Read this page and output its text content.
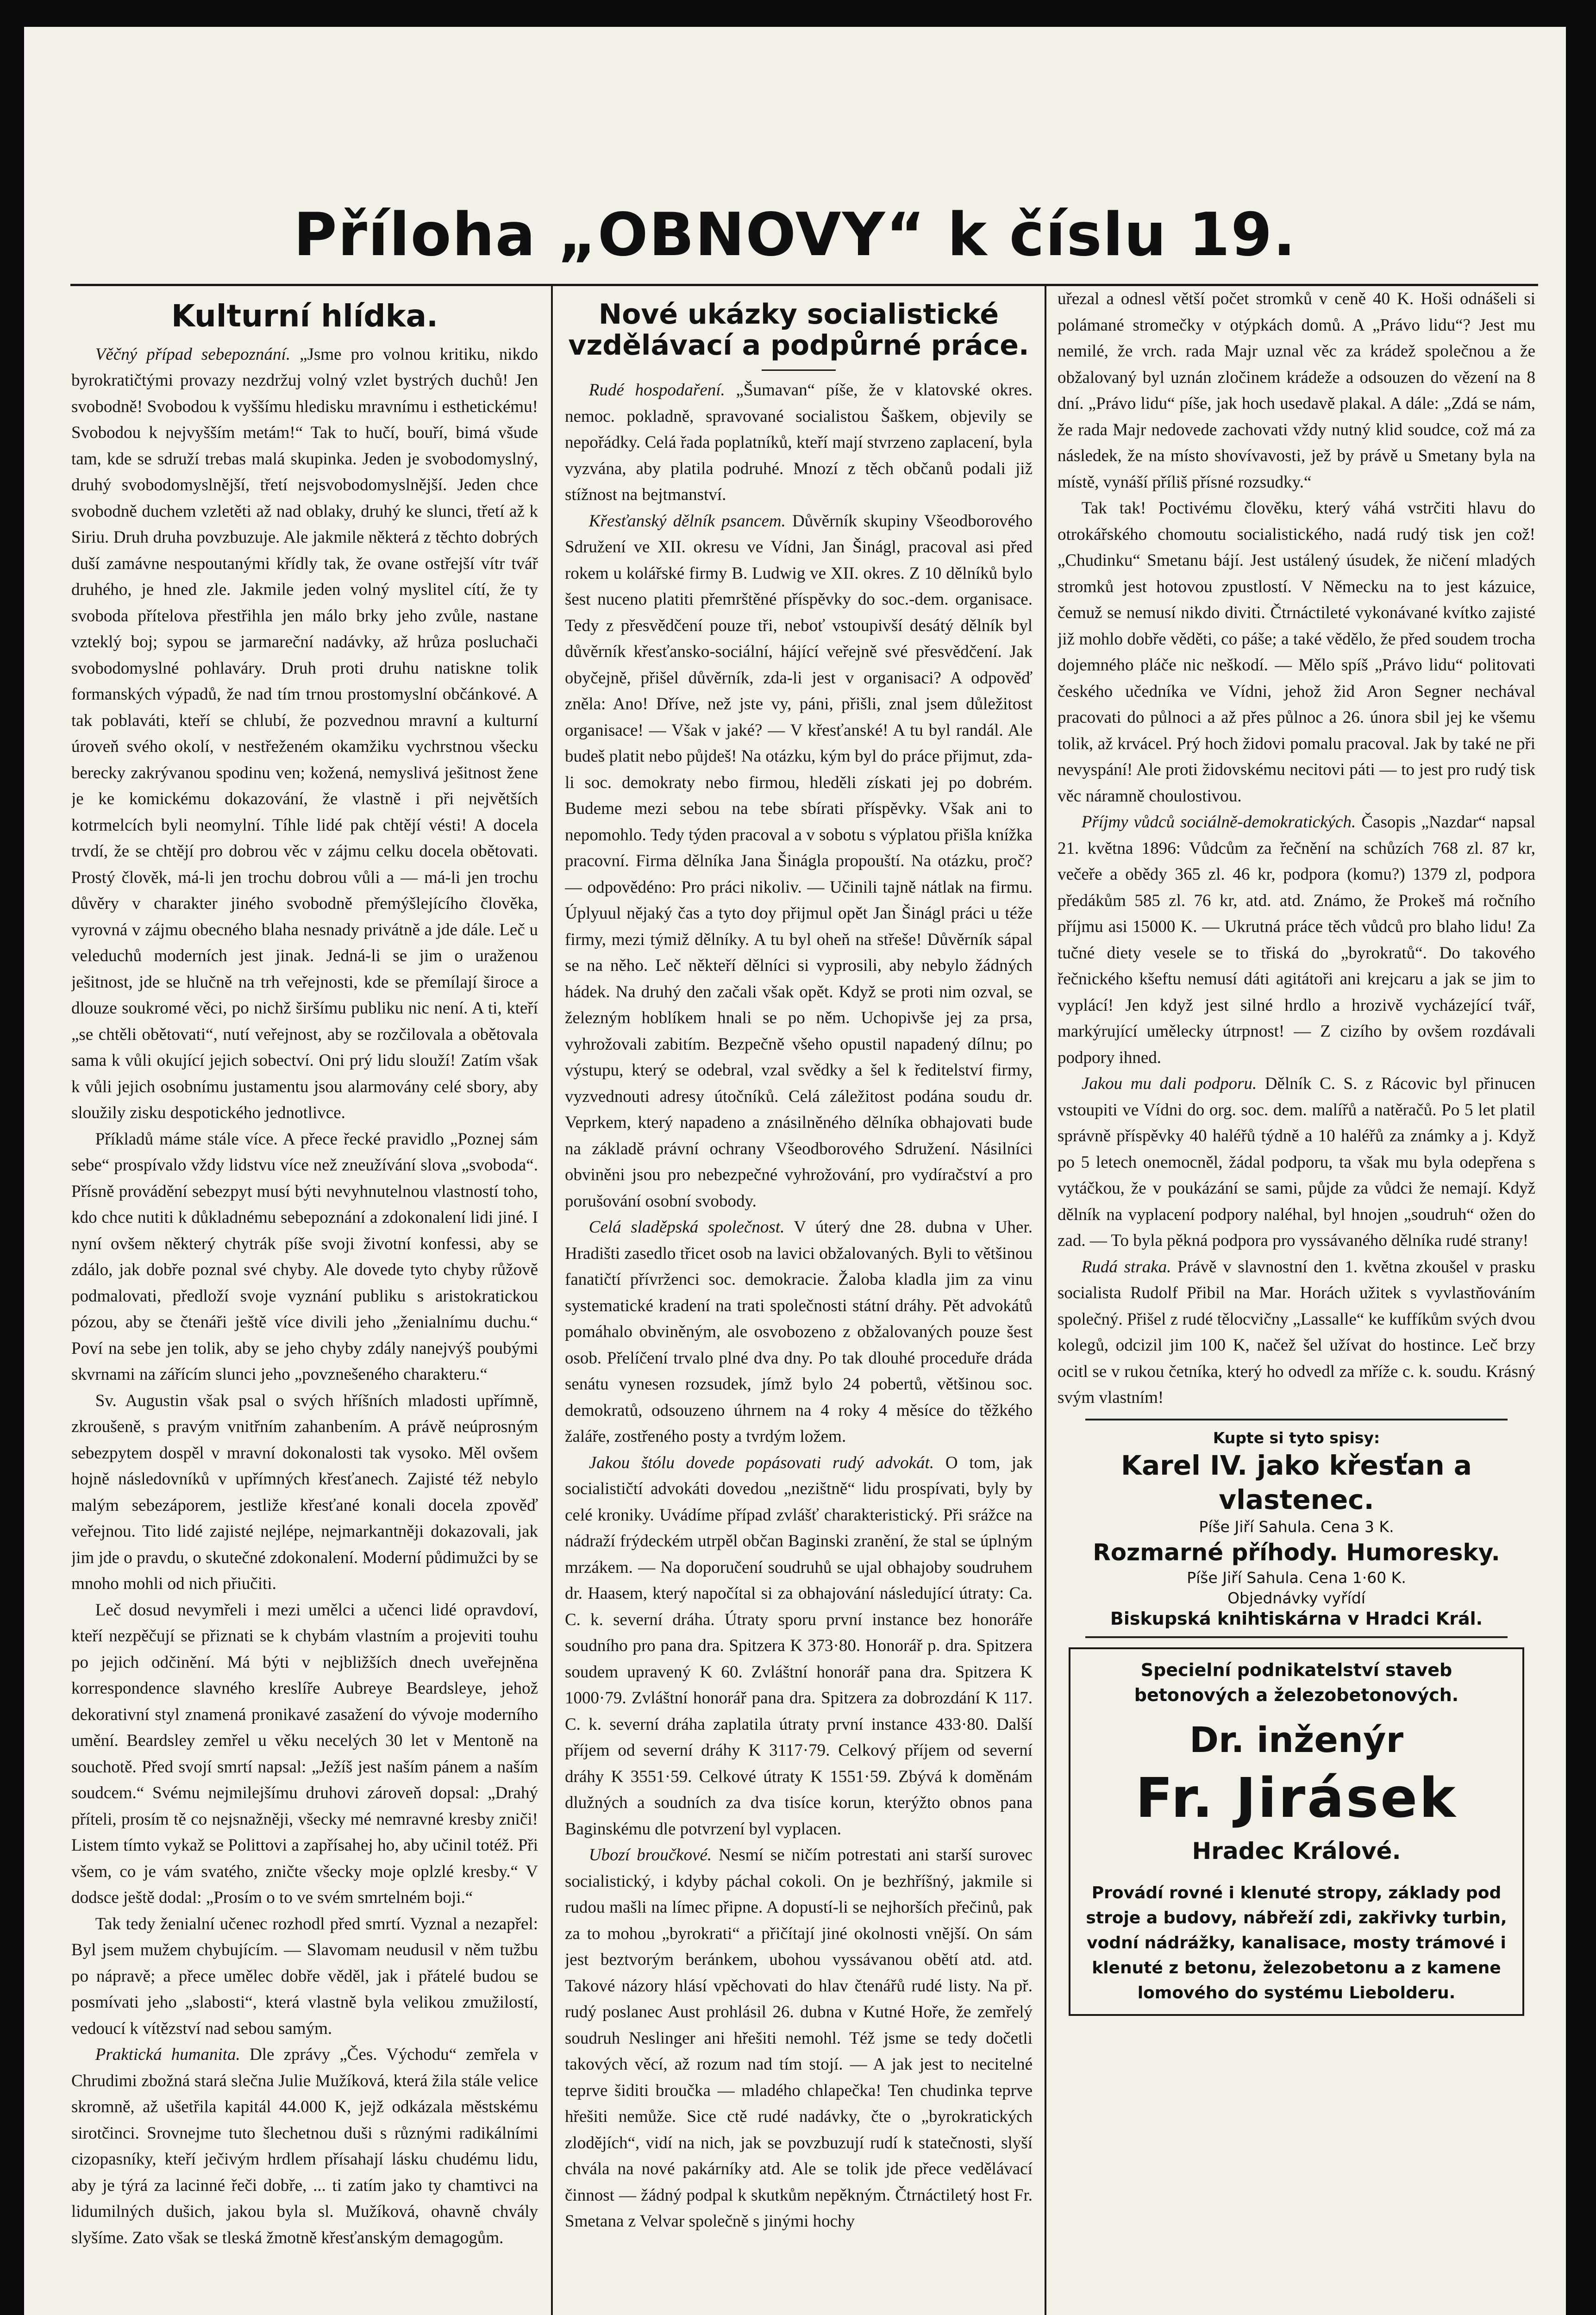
Příloha „OBNOVY“ k číslu 19.
Kulturní hlídka.

Věčný případ sebepoznání. „Jsme pro volnou kritiku, nikdo byrokratičtými provazy nezdržuj volný vzlet bystrých duchů! Jen svobodně! Svobodou k vyššímu hledisku mravnímu i esthetickému! Svobodou k nejvyšším metám!“ Tak to hučí, bouří, bimá všude tam, kde se sdruží trebas malá skupinka. Jeden je svobodomyslný, druhý svobodomyslnější, třetí nejsvobodomyslnější. Jeden chce svobodně duchem vzletěti až nad oblaky, druhý ke slunci, třetí až k Siriu. Druh druha povzbuzuje. Ale jakmile některá z těchto dobrých duší zamávne nespoutanými křídly tak, že ovane ostřejší vítr tvář druhého, je hned zle. Jakmile jeden volný myslitel cítí, že ty svoboda přítelova přestřihla jen málo brky jeho zvůle, nastane vzteklý boj; sypou se jarmareční nadávky, až hrůza posluchači svobodomyslné pohlaváry. Druh proti druhu natiskne tolik formanských výpadů, že nad tím trnou prostomyslní občánkové. A tak poblaváti, kteří se chlubí, že pozvednou mravní a kulturní úroveň svého okolí, v nestřeženém okamžiku vychrstnou všecku berecky zakrývanou spodinu ven; kožená, nemyslivá ješitnost žene je ke komickému dokazování, že vlastně i při největších kotrmelcích byli neomylní. Tíhle lidé pak chtějí vésti! A docela trvdí, že se chtějí pro dobrou věc v zájmu celku docela obětovati. Prostý člověk, má-li jen trochu dobrou vůli a — má-li jen trochu důvěry v charakter jiného svobodně přemýšlejícího člověka, vyrovná v zájmu obecného blaha nesnady privátně a jde dále. Leč u veleduchů moderních jest jinak. Jedná-li se jim o uraženou ješitnost, jde se hlučně na trh veřejnosti, kde se přemílají široce a dlouze soukromé věci, po nichž širšímu publiku nic není. A ti, kteří „se chtěli obětovati“, nutí veřejnost, aby se rozčilovala a obětovala sama k vůli okující jejich sobectví. Oni prý lidu slouží! Zatím však k vůli jejich osobnímu justamentu jsou alarmovány celé sbory, aby sloužily zisku despotického jednotlivce.

Příkladů máme stále více. A přece řecké pravidlo „Poznej sám sebe“ prospívalo vždy lidstvu více než zneužívání slova „svoboda“. Přísně provádění sebezpyt musí býti nevyhnutelnou vlastností toho, kdo chce nutiti k důkladnému sebepoznání a zdokonalení lidi jiné. I nyní ovšem některý chytrák píše svoji životní konfessi, aby se zdálo, jak dobře poznal své chyby. Ale dovede tyto chyby růžově podmalovati, předloží svoje vyznání publiku s aristokratickou pózou, aby se čtenáři ještě více divili jeho „ženialnímu duchu.“ Poví na sebe jen tolik, aby se jeho chyby zdály nanejvýš poubými skvrnami na zářícím slunci jeho „povznešeného charakteru.“

Sv. Augustin však psal o svých hříšních mladosti upřímně, zkroušeně, s pravým vnitřním zahanbením. A právě neúprosným sebezpytem dospěl v mravní dokonalosti tak vysoko. Měl ovšem hojně následovníků v upřímných křesťanech. Zajisté též nebylo malým sebezáporem, jestliže křesťané konali docela zpověď veřejnou. Tito lidé zajisté nejlépe, nejmarkantněji dokazovali, jak jim jde o pravdu, o skutečné zdokonalení. Moderní půdimužci by se mnoho mohli od nich přiučiti.

Leč dosud nevymřeli i mezi umělci a učenci lidé opravdoví, kteří nezpěčují se přiznati se k chybám vlastním a projeviti touhu po jejich odčinění. Má býti v nejbližších dnech uveřejněna korrespondence slavného kreslíře Aubreye Beardsleye, jehož dekorativní styl znamená pronikavé zasažení do vývoje moderního umění. Beardsley zemřel u věku necelých 30 let v Mentoně na souchotě. Před svojí smrtí napsal: „Ježíš jest naším pánem a naším soudcem.“ Svému nejmilejšímu druhovi zároveň dopsal: „Drahý příteli, prosím tě co nejsnažněji, všecky mé nemravné kresby zniči! Listem tímto vykaž se Polittovi a zapřísahej ho, aby učinil totéž. Při všem, co je vám svatého, zničte všecky moje oplzlé kresby.“ V dodsce ještě dodal: „Prosím o to ve svém smrtelném boji.“

Tak tedy ženialní učenec rozhodl před smrtí. Vyznal a nezapřel: Byl jsem mužem chybujícím. — Slavomam neudusil v něm tužbu po nápravě; a přece umělec dobře věděl, jak i přátelé budou se posmívati jeho „slabosti“, která vlastně byla velikou zmužilostí, vedoucí k vítězství nad sebou samým.

Praktická humanita. Dle zprávy „Čes. Východu“ zemřela v Chrudimi zbožná stará slečna Julie Mužíková, která žila stále velice skromně, až ušetřila kapitál 44.000 K, jejž odkázala městskému sirotčinci. Srovnejme tuto šlechetnou duši s různými radikálními cizopasníky, kteří ječivým hrdlem přísahají lásku chudému lidu, aby je týrá za lacinné řeči dobře, ... ti zatím jako ty chamtivci na lidumilných dušich, jakou byla sl. Mužíková, ohavně chvály slyšíme. Zato však se tleská žmotně křesťanským demagogům.

Nové ukázky socialistické vzdělávací a podpůrné práce.

Rudé hospodaření. „Šumavan“ píše, že v klatovské okres. nemoc. pokladně, spravované socialistou Šaškem, objevily se nepořádky. Celá řada poplatníků, kteří mají stvrzeno zaplacení, byla vyzvána, aby platila podruhé. Mnozí z těch občanů podali již stížnost na bejtmanství.

Křesťanský dělník psancem. Důvěrník skupiny Všeodborového Sdružení ve XII. okresu ve Vídni, Jan Šinágl, pracoval asi před rokem u kolářské firmy B. Ludwig ve XII. okres. Z 10 dělníků bylo šest nuceno platiti přemrštěné příspěvky do soc.-dem. organisace. Tedy z přesvědčení pouze tři, neboť vstoupivší desátý dělník byl důvěrník křesťansko-sociální, hájící veřejně své přesvědčení. Jak obyčejně, přišel důvěrník, zda-li jest v organisaci? A odpověď zněla: Ano! Dříve, než jste vy, páni, přišli, znal jsem důležitost organisace! — Však v jaké? — V křesťanské! A tu byl randál. Ale budeš platit nebo půjdeš! Na otázku, kým byl do práce přijmut, zda-li soc. demokraty nebo firmou, hleděli získati jej po dobrém. Budeme mezi sebou na tebe sbírati příspěvky. Však ani to nepomohlo. Tedy týden pracoval a v sobotu s výplatou přišla knížka pracovní. Firma dělníka Jana Šinágla propouští. Na otázku, proč? — odpovědéno: Pro práci nikoliv. — Učinili tajně nátlak na firmu. Úplyuul nějaký čas a tyto doy přijmul opět Jan Šinágl práci u téže firmy, mezi týmiž dělníky. A tu byl oheň na střeše! Důvěrník sápal se na něho. Leč někteří dělníci si vyprosili, aby nebylo žádných hádek. Na druhý den začali však opět. Když se proti nim ozval, se železným hoblíkem hnali se po něm. Uchopivše jej za prsa, vyhrožovali zabitím. Bezpečně všeho opustil napadený dílnu; po výstupu, který se odebral, vzal svědky a šel k ředitelství firmy, vyzvednouti adresy útočníků. Celá záležitost podána soudu dr. Veprkem, který napadeno a znásilněného dělníka obhajovati bude na základě právní ochrany Všeodborového Sdružení. Násilníci obviněni jsou pro nebezpečné vyhrožování, pro vydíračství a pro porušování osobní svobody.

Celá sladěpská společnost. V úterý dne 28. dubna v Uher. Hradišti zasedlo třicet osob na lavici obžalovaných. Byli to většinou fanatičtí přívrženci soc. demokracie. Žaloba kladla jim za vinu systematické kradení na trati společnosti státní dráhy. Pět advokátů pomáhalo obviněným, ale osvobozeno z obžalovaných pouze šest osob. Přelíčení trvalo plné dva dny. Po tak dlouhé proceduře dráda senátu vynesen rozsudek, jímž bylo 24 pobertů, většinou soc. demokratů, odsouzeno úhrnem na 4 roky 4 měsíce do těžkého žaláře, zostřeného posty a tvrdým ložem.

Jakou štólu dovede popásovati rudý advokát. O tom, jak socialističtí advokáti dovedou „nezištně“ lidu prospívati, byly by celé kroniky. Uvádíme případ zvlášť charakteristický. Při srážce na nádraží frýdeckém utrpěl občan Baginski zranění, že stal se úplným mrzákem. — Na doporučení soudruhů se ujal obhajoby soudruhem dr. Haasem, který napočítal si za obhajování následující útraty: Ca. C. k. severní dráha. Útraty sporu první instance bez honoráře soudního pro pana dra. Spitzera K 373·80. Honorář p. dra. Spitzera soudem upravený K 60. Zvláštní honorář pana dra. Spitzera K 1000·79. Zvláštní honorář pana dra. Spitzera za dobrozdání K 117. C. k. severní dráha zaplatila útraty první instance 433·80. Další příjem od severní dráhy K 3117·79. Celkový příjem od severní dráhy K 3551·59. Celkové útraty K 1551·59. Zbývá k doměnám dlužných a soudních za dva tisíce korun, kterýžto obnos pana Baginskému dle potvrzení byl vyplacen.

Ubozí broučkové. Nesmí se ničím potrestati ani starší surovec socialistický, i kdyby páchal cokoli. On je bezhříšný, jakmile si rudou mašli na límec připne. A dopustí-li se nejhorších přečinů, pak za to mohou „byrokrati“ a přičítají jiné okolnosti vnější. On sám jest beztvorým beránkem, ubohou vyssávanou obětí atd. atd. Takové názory hlásí vpěchovati do hlav čtenářů rudé listy. Na př. rudý poslanec Aust prohlásil 26. dubna v Kutné Hoře, že zemřelý soudruh Neslinger ani hřešiti nemohl. Též jsme se tedy dočetli takových věcí, až rozum nad tím stojí. — A jak jest to necitelné teprve šiditi broučka — mladého chlapečka! Ten chudinka teprve hřešiti nemůže. Sice ctě rudé nadávky, čte o „byrokratických zlodějích“, vidí na nich, jak se povzbuzují rudí k statečnosti, slyší chvála na nové pakárníky atd. Ale se tolik jde přece vedělávací činnost — žádný podpal k skutkům nepěkným. Čtrnáctiletý host Fr. Smetana z Velvar společně s jinými hochy

uřezal a odnesl větší počet stromků v ceně 40 K. Hoši odnášeli si polámané stromečky v otýpkách domů. A „Právo lidu“? Jest mu nemilé, že vrch. rada Majr uznal věc za krádež společnou a že obžalovaný byl uznán zločinem krádeže a odsouzen do vězení na 8 dní. „Právo lidu“ píše, jak hoch usedavě plakal. A dále: „Zdá se nám, že rada Majr nedovede zachovati vždy nutný klid soudce, což má za následek, že na místo shovívavosti, jež by právě u Smetany byla na místě, vynáší příliš přísné rozsudky.“

Tak tak! Poctivému člověku, který váhá vstrčiti hlavu do otrokářského chomoutu socialistického, nadá rudý tisk jen což! „Chudinku“ Smetanu bájí. Jest ustálený úsudek, že ničení mladých stromků jest hotovou zpustlostí. V Německu na to jest kázuice, čemuž se nemusí nikdo diviti. Čtrnáctileté vykonávané kvítko zajisté již mohlo dobře věděti, co páše; a také vědělo, že před soudem trocha dojemného pláče nic neškodí. — Mělo spíš „Právo lidu“ politovati českého učedníka ve Vídni, jehož žid Aron Segner nechával pracovati do půlnoci a až přes půlnoc a 26. února sbil jej ke všemu tolik, až krvácel. Prý hoch židovi pomalu pracoval. Jak by také ne při nevyspání! Ale proti židovskému necitovi páti — to jest pro rudý tisk věc náramně choulostivou.

Příjmy vůdců sociálně-demokratických. Časopis „Nazdar“ napsal 21. května 1896: Vůdcům za řečnění na schůzích 768 zl. 87 kr, večeře a obědy 365 zl. 46 kr, podpora (komu?) 1379 zl, podpora předákům 585 zl. 76 kr, atd. atd. Známo, že Prokeš má ročního příjmu asi 15000 K. — Ukrutná práce těch vůdců pro blaho lidu! Za tučné diety vesele se to třiská do „byrokratů“. Do takového řečnického kšeftu nemusí dáti agitátoři ani krejcaru a jak se jim to vyplácí! Jen když jest silné hrdlo a hrozivě vycházející tvář, markýrující umělecky útrpnost! — Z cizího by ovšem rozdávali podpory ihned.

Jakou mu dali podporu. Dělník C. S. z Rácovic byl přinucen vstoupiti ve Vídni do org. soc. dem. malířů a natěračů. Po 5 let platil správně příspěvky 40 haléřů týdně a 10 haléřů za známky a j. Když po 5 letech onemocněl, žádal podporu, ta však mu byla odepřena s vytáčkou, že v poukázání se sami, půjde za vůdci že nemají. Když dělník na vyplacení podpory naléhal, byl hnojen „soudruh“ ožen do zad. — To byla pěkná podpora pro vyssávaného dělníka rudé strany!

Rudá straka. Právě v slavnostní den 1. května zkoušel v prasku socialista Rudolf Přibil na Mar. Horách užitek s vyvlastňováním společný. Přišel z rudé tělocvičny „Lassalle“ ke kuffíkům svých dvou kolegů, odcizil jim 100 K, načež šel užívat do hostince. Leč brzy ocitl se v rukou četníka, který ho odvedl za mříže c. k. soudu. Krásný svým vlastním!

Kupte si tyto spisy:
Karel IV. jako křesťan a vlastenec.
Píše Jiří Sahula. Cena 3 K.
Rozmarné příhody. Humoresky.
Píše Jiří Sahula. Cena 1·60 K.
Objednávky vyřídí
Biskupská knihtiskárna v Hradci Král.
Specielní podnikatelství staveb
betonových a železobetonových.
Dr. inženýr
Fr. Jirásek
Hradec Králové.
Provádí rovné i klenuté stropy, základy pod stroje a budovy, nábřeží zdi, zakřivky turbin, vodní nádrážky, kanalisace, mosty trámové i klenuté z betonu, železobetonu a z kamene lomového do systému Liebolderu.
